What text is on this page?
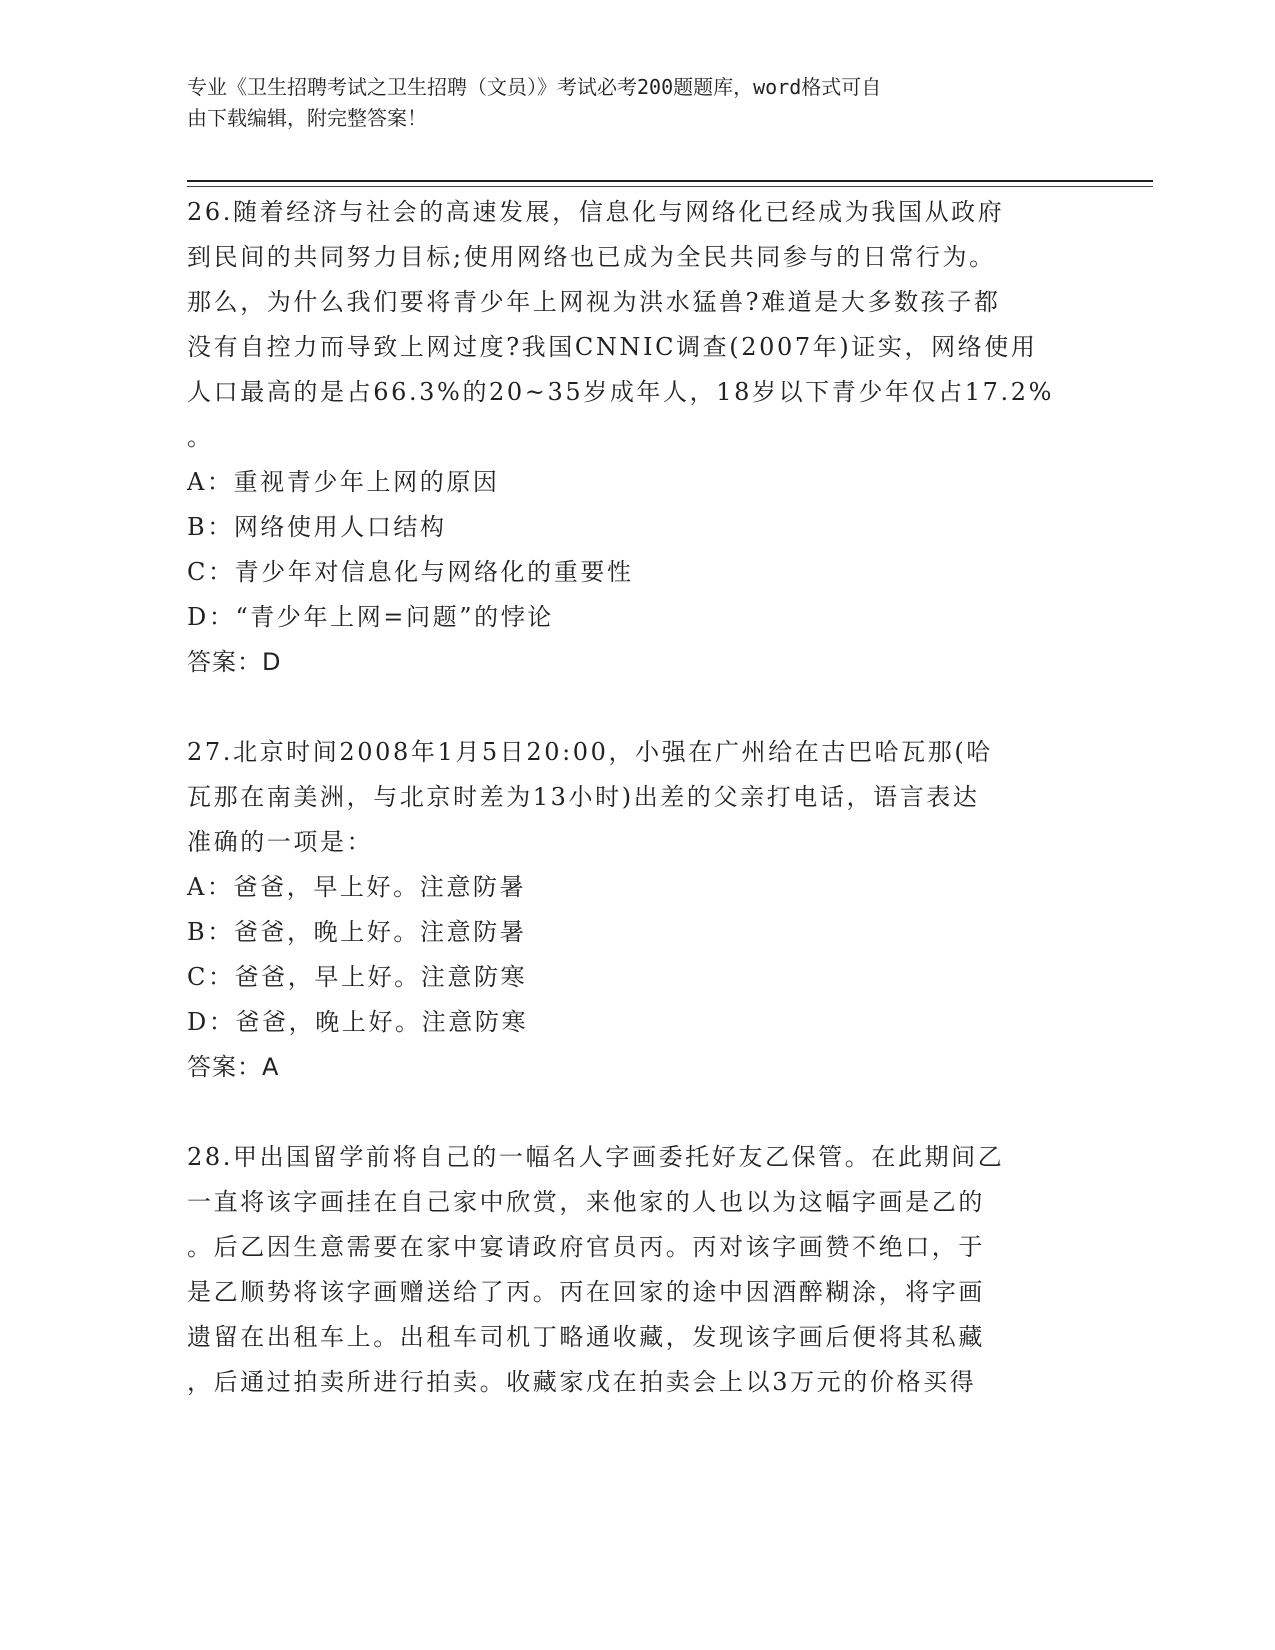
专业《卫生招聘考试之卫生招聘（文员）》考试必考200题题库，word格式可自
由下载编辑，附完整答案！
26.随着经济与社会的高速发展，信息化与网络化已经成为我国从政府
到民间的共同努力目标;使用网络也已成为全民共同参与的日常行为。
那么，为什么我们要将青少年上网视为洪水猛兽?难道是大多数孩子都
没有自控力而导致上网过度?我国CNNIC调查(2007年)证实，网络使用
人口最高的是占66.3%的20~35岁成年人，18岁以下青少年仅占17.2%
。
A：重视青少年上网的原因
B：网络使用人口结构
C：青少年对信息化与网络化的重要性
D：“青少年上网=问题”的悖论
答案：D
27.北京时间2008年1月5日20:00，小强在广州给在古巴哈瓦那(哈
瓦那在南美洲，与北京时差为13小时)出差的父亲打电话，语言表达
准确的一项是：
A：爸爸，早上好。注意防暑
B：爸爸，晚上好。注意防暑
C：爸爸，早上好。注意防寒
D：爸爸，晚上好。注意防寒
答案：A
28.甲出国留学前将自己的一幅名人字画委托好友乙保管。在此期间乙
一直将该字画挂在自己家中欣赏，来他家的人也以为这幅字画是乙的
。后乙因生意需要在家中宴请政府官员丙。丙对该字画赞不绝口，于
是乙顺势将该字画赠送给了丙。丙在回家的途中因酒醉糊涂，将字画
遗留在出租车上。出租车司机丁略通收藏，发现该字画后便将其私藏
，后通过拍卖所进行拍卖。收藏家戊在拍卖会上以3万元的价格买得
